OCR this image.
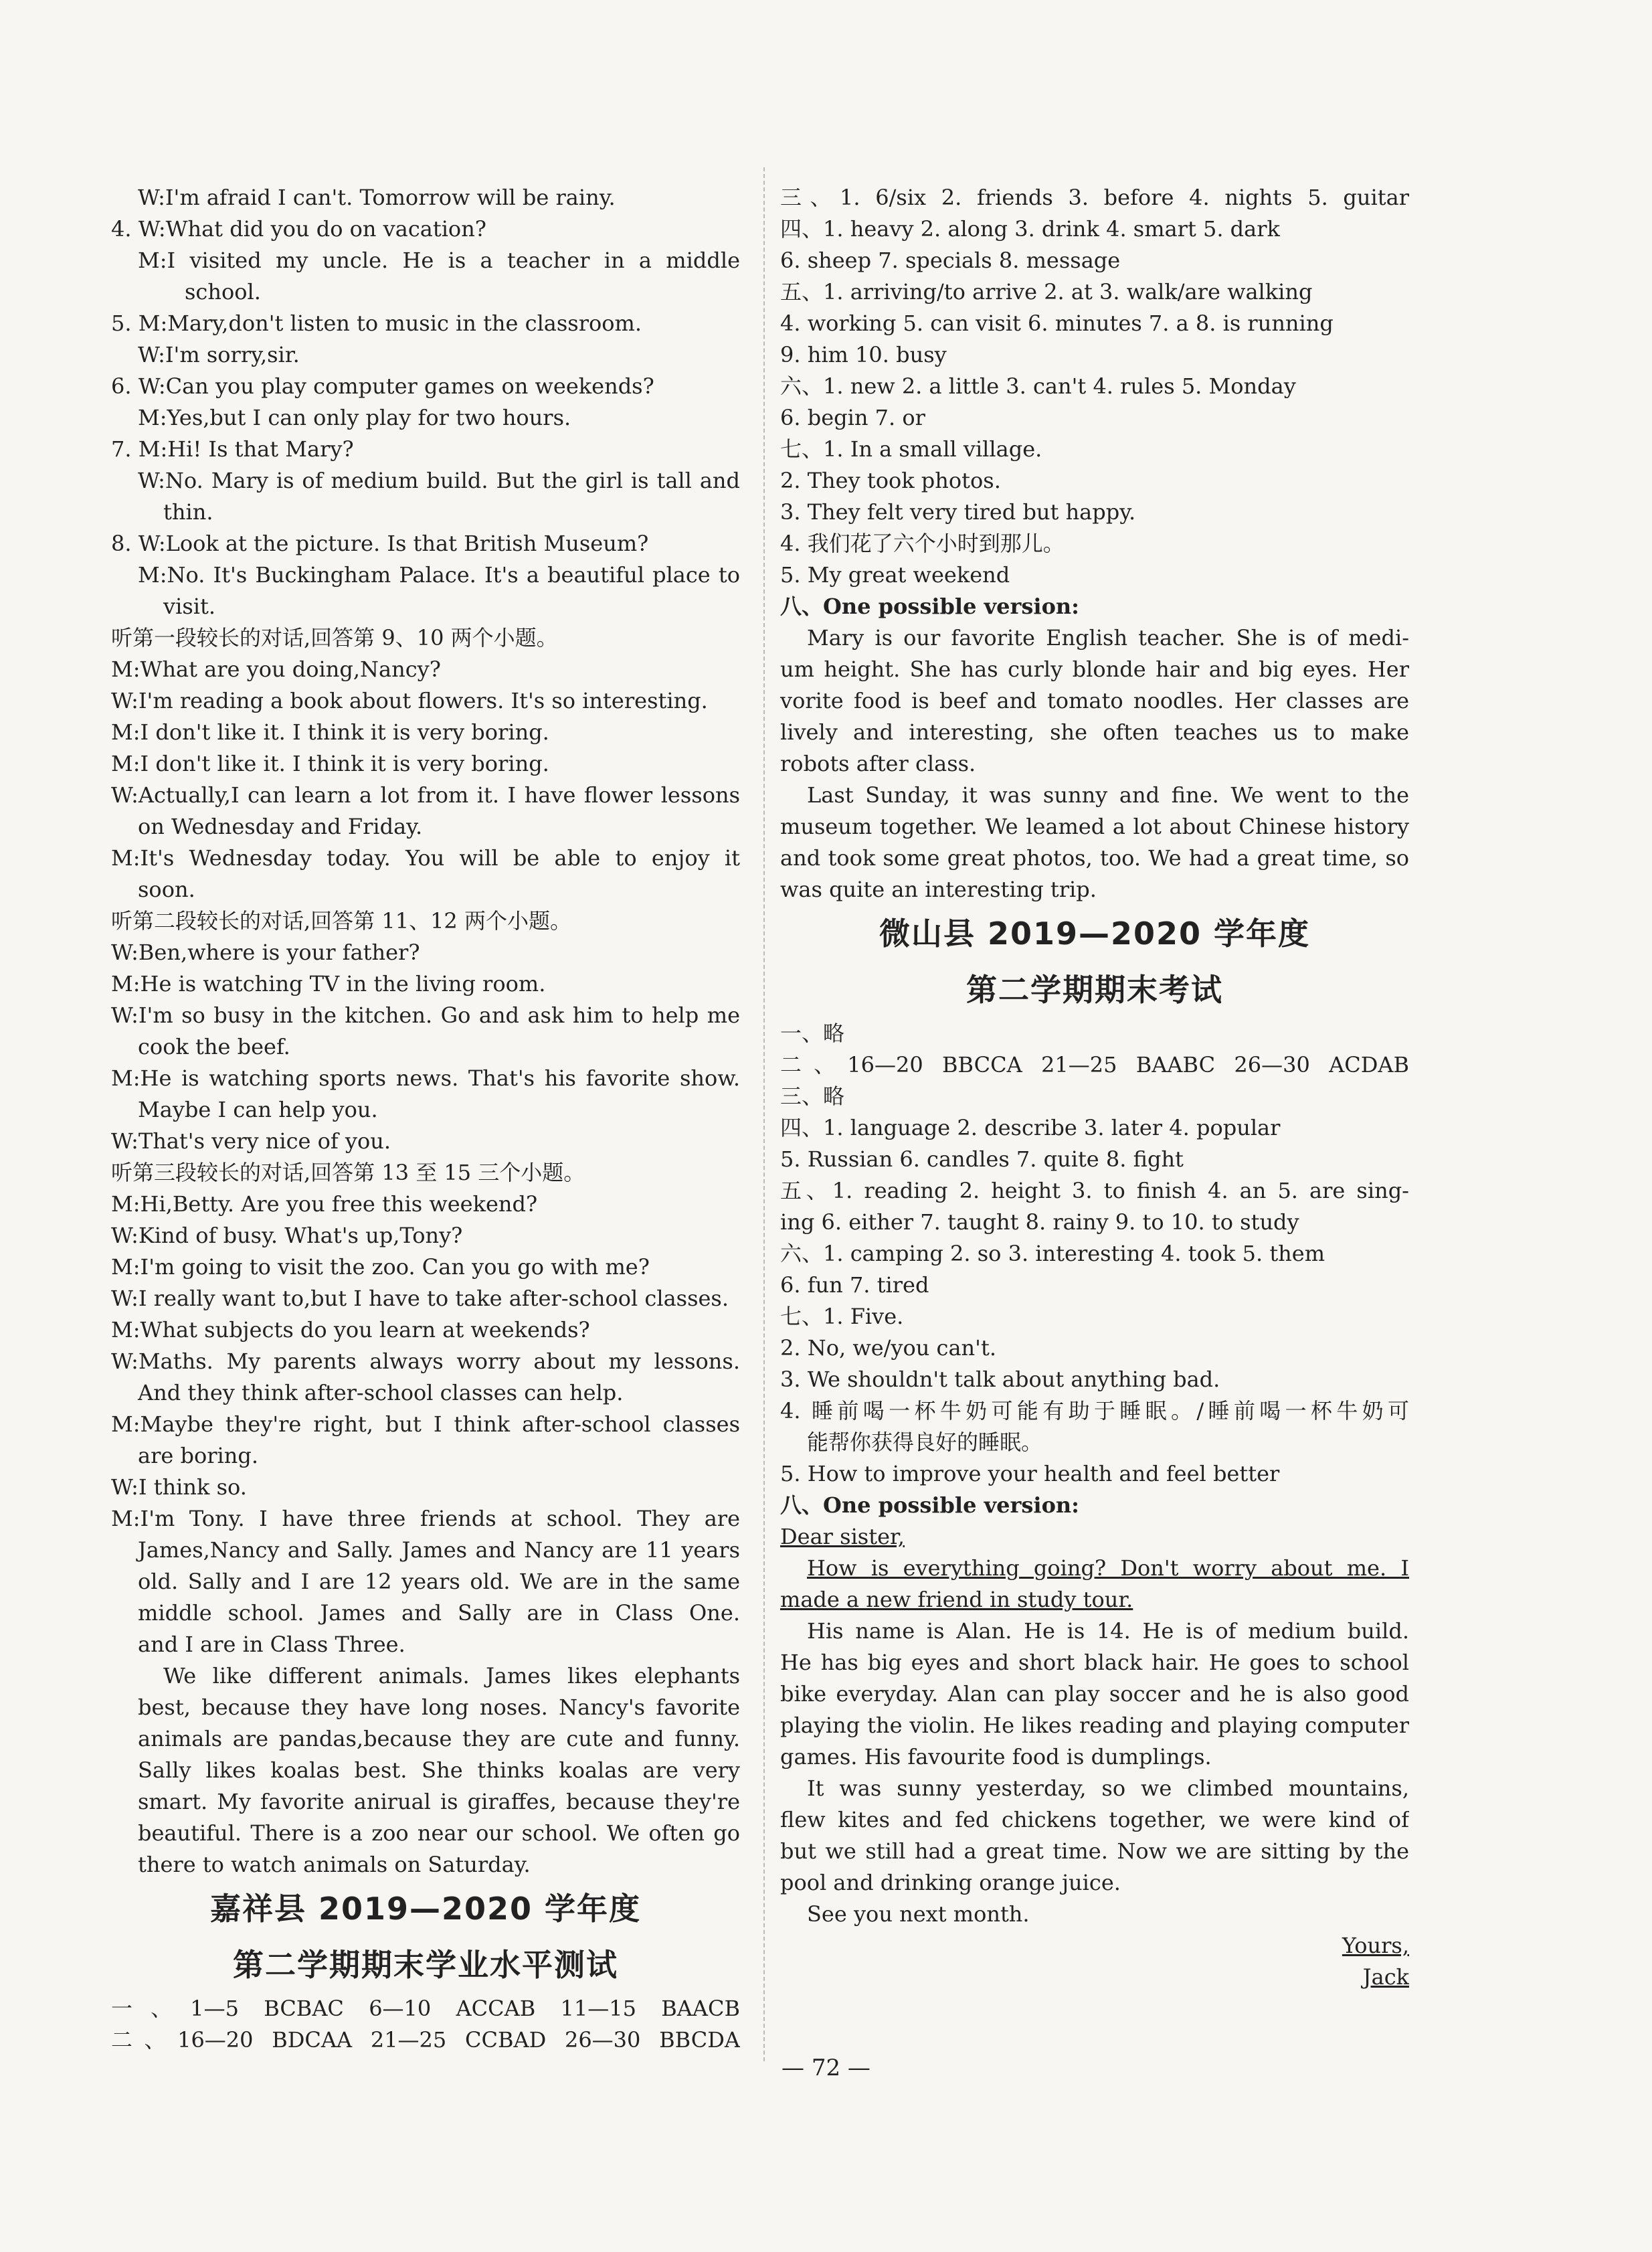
W:I'm afraid I can't. Tomorrow will be rainy.
4. W:What did you do on vacation?
M:I visited my uncle. He is a teacher in a middle
school.
5. M:Mary,don't listen to music in the classroom.
W:I'm sorry,sir.
6. W:Can you play computer games on weekends?
M:Yes,but I can only play for two hours.
7. M:Hi! Is that Mary?
W:No. Mary is of medium build. But the girl is tall and
thin.
8. W:Look at the picture. Is that British Museum?
M:No. It's Buckingham Palace. It's a beautiful place to
visit.
听第一段较长的对话,回答第 9、10 两个小题。
M:What are you doing,Nancy?
W:I'm reading a book about flowers. It's so interesting.
M:I don't like it. I think it is very boring.
M:I don't like it. I think it is very boring.
W:Actually,I can learn a lot from it. I have flower lessons
on Wednesday and Friday.
M:It's Wednesday today. You will be able to enjoy it
soon.
听第二段较长的对话,回答第 11、12 两个小题。
W:Ben,where is your father?
M:He is watching TV in the living room.
W:I'm so busy in the kitchen. Go and ask him to help me
cook the beef.
M:He is watching sports news. That's his favorite show.
Maybe I can help you.
W:That's very nice of you.
听第三段较长的对话,回答第 13 至 15 三个小题。
M:Hi,Betty. Are you free this weekend?
W:Kind of busy. What's up,Tony?
M:I'm going to visit the zoo. Can you go with me?
W:I really want to,but I have to take after-school classes.
M:What subjects do you learn at weekends?
W:Maths. My parents always worry about my lessons.
And they think after-school classes can help.
M:Maybe they're right, but I think after-school classes
are boring.
W:I think so.
M:I'm Tony. I have three friends at school. They are
James,Nancy and Sally. James and Nancy are 11 years
old. Sally and I are 12 years old. We are in the same
middle school. James and Sally are in Class One.
and I are in Class Three.
We like different animals. James likes elephants
best, because they have long noses. Nancy's favorite
animals are pandas,because they are cute and funny.
Sally likes koalas best. She thinks koalas are very
smart. My favorite anirual is giraffes, because they're
beautiful. There is a zoo near our school. We often go
there to watch animals on Saturday.
嘉祥县 2019—2020 学年度
第二学期期末学业水平测试
一、1—5 BCBAC 6—10 ACCAB 11—15 BAACB
二、16—20 BDCAA 21—25 CCBAD 26—30 BBCDA
三、1. 6/six 2. friends 3. before 4. nights 5. guitar
四、1. heavy 2. along 3. drink 4. smart 5. dark
6. sheep 7. specials 8. message
五、1. arriving/to arrive 2. at 3. walk/are walking
4. working 5. can visit 6. minutes 7. a 8. is running
9. him 10. busy
六、1. new 2. a little 3. can't 4. rules 5. Monday
6. begin 7. or
七、1. In a small village.
2. They took photos.
3. They felt very tired but happy.
4. 我们花了六个小时到那儿。
5. My great weekend
八、One possible version:
Mary is our favorite English teacher. She is of medi-
um height. She has curly blonde hair and big eyes. Her
vorite food is beef and tomato noodles. Her classes are
lively and interesting, she often teaches us to make
robots after class.
Last Sunday, it was sunny and fine. We went to the
museum together. We leamed a lot about Chinese history
and took some great photos, too. We had a great time, so
was quite an interesting trip.
微山县 2019—2020 学年度
第二学期期末考试
一、略
二、16—20 BBCCA 21—25 BAABC 26—30 ACDAB
三、略
四、1. language 2. describe 3. later 4. popular
5. Russian 6. candles 7. quite 8. fight
五、1. reading 2. height 3. to finish 4. an 5. are sing-
ing 6. either 7. taught 8. rainy 9. to 10. to study
六、1. camping 2. so 3. interesting 4. took 5. them
6. fun 7. tired
七、1. Five.
2. No, we/you can't.
3. We shouldn't talk about anything bad.
4. 睡前喝一杯牛奶可能有助于睡眠。/睡前喝一杯牛奶可
能帮你获得良好的睡眠。
5. How to improve your health and feel better
八、One possible version:
Dear sister,
How is everything going? Don't worry about me. I
made a new friend in study tour.
His name is Alan. He is 14. He is of medium build.
He has big eyes and short black hair. He goes to school
bike everyday. Alan can play soccer and he is also good
playing the violin. He likes reading and playing computer
games. His favourite food is dumplings.
It was sunny yesterday, so we climbed mountains,
flew kites and fed chickens together, we were kind of
but we still had a great time. Now we are sitting by the
pool and drinking orange juice.
See you next month.
Yours,
Jack
— 72 —
